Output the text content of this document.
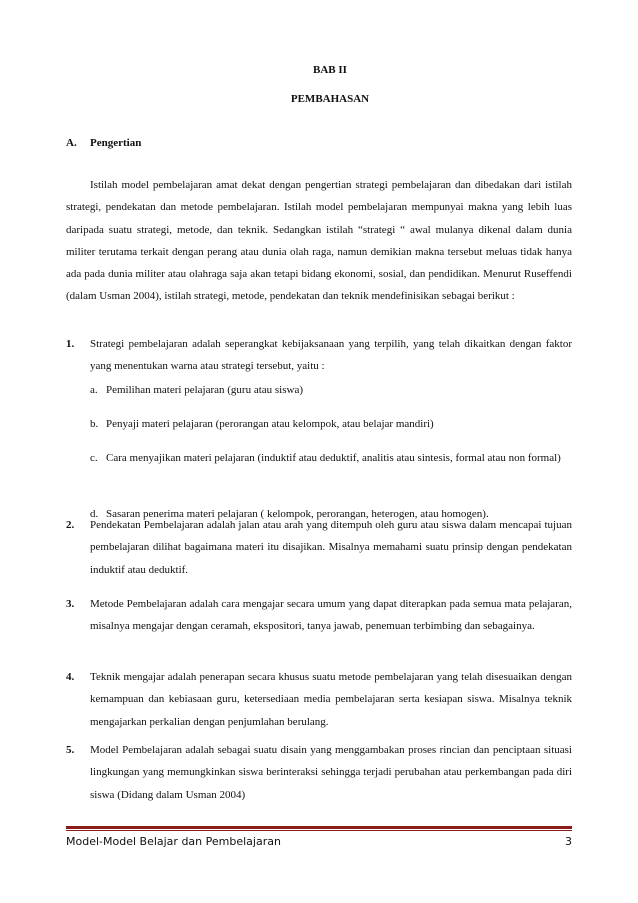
BAB II
PEMBAHASAN
A. Pengertian
Istilah model pembelajaran amat dekat dengan pengertian strategi pembelajaran dan dibedakan dari istilah strategi, pendekatan dan metode pembelajaran. Istilah model pembelajaran mempunyai makna yang lebih luas daripada suatu strategi, metode, dan teknik. Sedangkan istilah “strategi “ awal mulanya dikenal dalam dunia militer terutama terkait dengan perang atau dunia olah raga, namun demikian makna tersebut meluas tidak hanya ada pada dunia militer atau olahraga saja akan tetapi bidang ekonomi, sosial, dan pendidikan. Menurut Ruseffendi (dalam Usman 2004), istilah strategi, metode, pendekatan dan teknik mendefinisikan sebagai berikut :
1.	Strategi pembelajaran adalah seperangkat kebijaksanaan yang terpilih, yang telah dikaitkan dengan faktor yang menentukan warna atau strategi tersebut, yaitu :
a. Pemilihan materi pelajaran (guru atau siswa)
b. Penyaji materi pelajaran (perorangan atau kelompok, atau belajar mandiri)
c. Cara menyajikan materi pelajaran (induktif atau deduktif, analitis atau sintesis, formal atau non formal)
d. Sasaran penerima materi pelajaran ( kelompok, perorangan, heterogen, atau homogen).
2.	Pendekatan Pembelajaran adalah jalan atau arah yang ditempuh oleh guru atau siswa dalam mencapai tujuan pembelajaran dilihat bagaimana materi itu disajikan. Misalnya memahami suatu prinsip dengan pendekatan induktif atau deduktif.
3.	Metode Pembelajaran adalah cara mengajar secara umum yang dapat diterapkan pada semua mata pelajaran, misalnya mengajar dengan ceramah, ekspositori, tanya jawab, penemuan terbimbing dan sebagainya.
4.	Teknik mengajar adalah penerapan secara khusus suatu metode pembelajaran yang telah disesuaikan dengan kemampuan dan kebiasaan guru, ketersediaan media pembelajaran serta kesiapan siswa. Misalnya teknik mengajarkan perkalian dengan penjumlahan berulang.
5.	Model Pembelajaran adalah sebagai suatu disain yang menggambakan proses rincian dan penciptaan situasi lingkungan yang memungkinkan siswa berinteraksi sehingga terjadi perubahan atau perkembangan pada diri siswa (Didang dalam Usman 2004)
Model-Model Belajar dan Pembelajaran	3
